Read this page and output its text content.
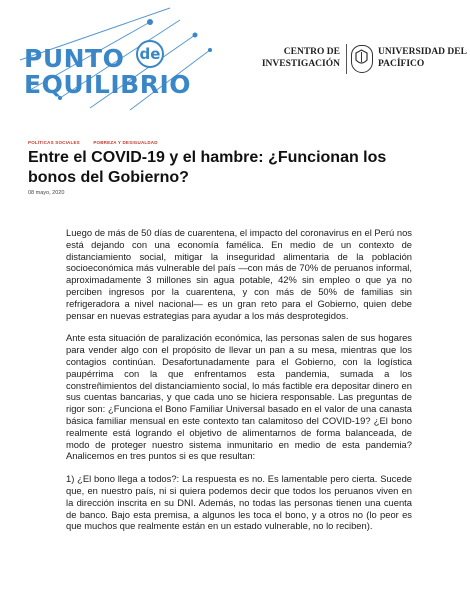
PUNTO de
EQUILIBRIO
CENTRO DE INVESTIGACIÓN
UNIVERSIDAD DEL PACÍFICO
POLÍTICAS SOCIALES	POBREZA Y DESIGUALDAD
Entre el COVID-19 y el hambre: ¿Funcionan los bonos del Gobierno?
08 mayo, 2020

Luego de más de 50 días de cuarentena, el impacto del coronavirus en el Perú nos está dejando con una economía famélica. En medio de un contexto de distanciamiento social, mitigar la inseguridad alimentaria de la población socioeconómica más vulnerable del país —con más de 70% de peruanos informal, aproximadamente 3 millones sin agua potable, 42% sin empleo o que ya no perciben ingresos por la cuarentena, y con más de 50% de familias sin refrigeradora a nivel nacional— es un gran reto para el Gobierno, quien debe pensar en nuevas estrategias para ayudar a los más desprotegidos.

Ante esta situación de paralización económica, las personas salen de sus hogares para vender algo con el propósito de llevar un pan a su mesa, mientras que los contagios continúan. Desafortunadamente para el Gobierno, con la logística paupérrima con la que enfrentamos esta pandemia, sumada a los constreñimientos del distanciamiento social, lo más factible era depositar dinero en sus cuentas bancarias, y que cada uno se hiciera responsable. Las preguntas de rigor son: ¿Funciona el Bono Familiar Universal basado en el valor de una canasta básica familiar mensual en este contexto tan calamitoso del COVID-19? ¿El bono realmente está logrando el objetivo de alimentarnos de forma balanceada, de modo de proteger nuestro sistema inmunitario en medio de esta pandemia? Analicemos en tres puntos si es que resultan:

1) ¿El bono llega a todos?: La respuesta es no. Es lamentable pero cierta. Sucede que, en nuestro país, ni si quiera podemos decir que todos los peruanos viven en la dirección inscrita en su DNI. Además, no todas las personas tienen una cuenta de banco. Bajo esta premisa, a algunos les toca el bono, y a otros no (lo peor es que muchos que realmente están en un estado vulnerable, no lo reciben).
